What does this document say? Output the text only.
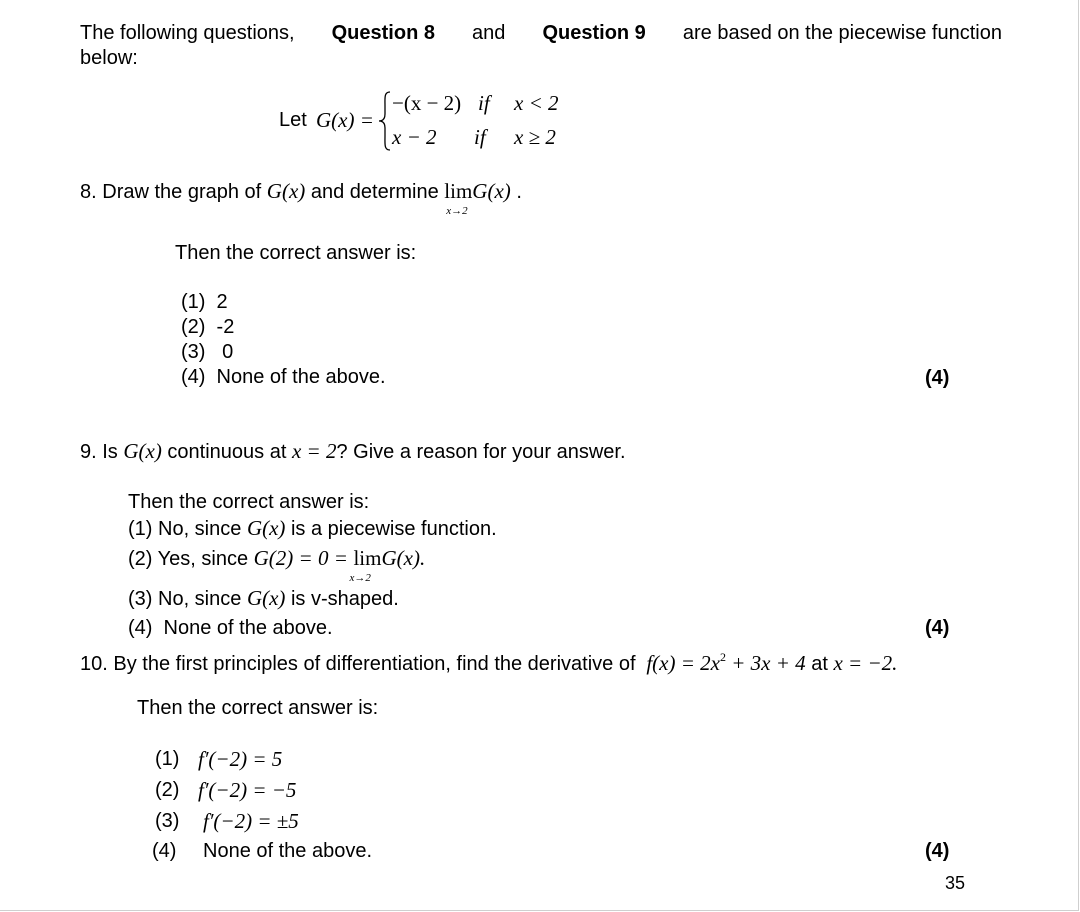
The following questions, Question 8 and Question 9 are based on the piecewise function
below:
Let G(x) =
−(x − 2) if x < 2
x − 2 if x ≥ 2
8. Draw the graph of G(x) and determine limG(x)
x→2
.
Then the correct answer is:
(1)  2
(2)  -2
(3)   0
(4)  None of the above.	(4)
9. Is G(x) continuous at x = 2? Give a reason for your answer.
Then the correct answer is:
(1) No, since G(x) is a piecewise function.
(2) Yes, since G(2) = 0 = limG(x).
x→2
(3) No, since G(x) is v-shaped.
(4)  None of the above.	(4)
10. By the first principles of differentiation, find the derivative of $f(x) = 2x^2 + 3x + 4$ at x = −2.
Then the correct answer is:
(1) f′(−2) = 5
(2) f′(−2) = −5
(3) f′(−2) = ±5
(4) None of the above.	(4)
35
